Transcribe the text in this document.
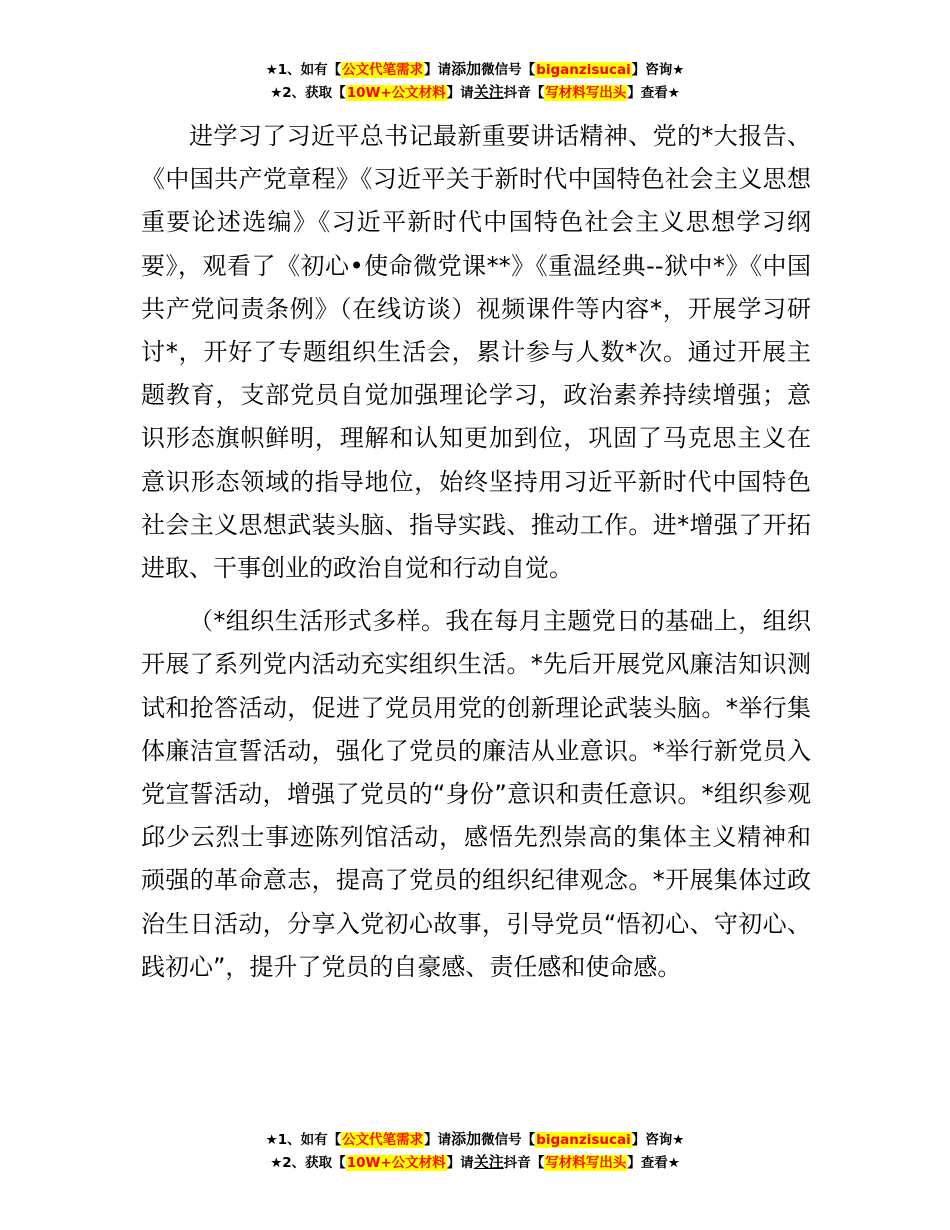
★1、如有【公文代笔需求】请添加微信号【biganzisucai】咨询★
★2、获取【10W+公文材料】请关注抖音【写材料写出头】查看★

进学习了习近平总书记最新重要讲话精神、党的*大报告、《中国共产党章程》《习近平关于新时代中国特色社会主义思想重要论述选编》《习近平新时代中国特色社会主义思想学习纲要》，观看了《初心•使命微党课**》《重温经典--狱中*》《中国共产党问责条例》（在线访谈）视频课件等内容*，开展学习研讨*，开好了专题组织生活会，累计参与人数*次。通过开展主题教育，支部党员自觉加强理论学习，政治素养持续增强；意识形态旗帜鲜明，理解和认知更加到位，巩固了马克思主义在意识形态领域的指导地位，始终坚持用习近平新时代中国特色社会主义思想武装头脑、指导实践、推动工作。进*增强了开拓进取、干事创业的政治自觉和行动自觉。

（*组织生活形式多样。我在每月主题党日的基础上，组织开展了系列党内活动充实组织生活。*先后开展党风廉洁知识测试和抢答活动，促进了党员用党的创新理论武装头脑。*举行集体廉洁宣誓活动，强化了党员的廉洁从业意识。*举行新党员入党宣誓活动，增强了党员的“身份”意识和责任意识。*组织参观邱少云烈士事迹陈列馆活动，感悟先烈崇高的集体主义精神和顽强的革命意志，提高了党员的组织纪律观念。*开展集体过政治生日活动，分享入党初心故事，引导党员“悟初心、守初心、践初心”，提升了党员的自豪感、责任感和使命感。

★1、如有【公文代笔需求】请添加微信号【biganzisucai】咨询★
★2、获取【10W+公文材料】请关注抖音【写材料写出头】查看★
